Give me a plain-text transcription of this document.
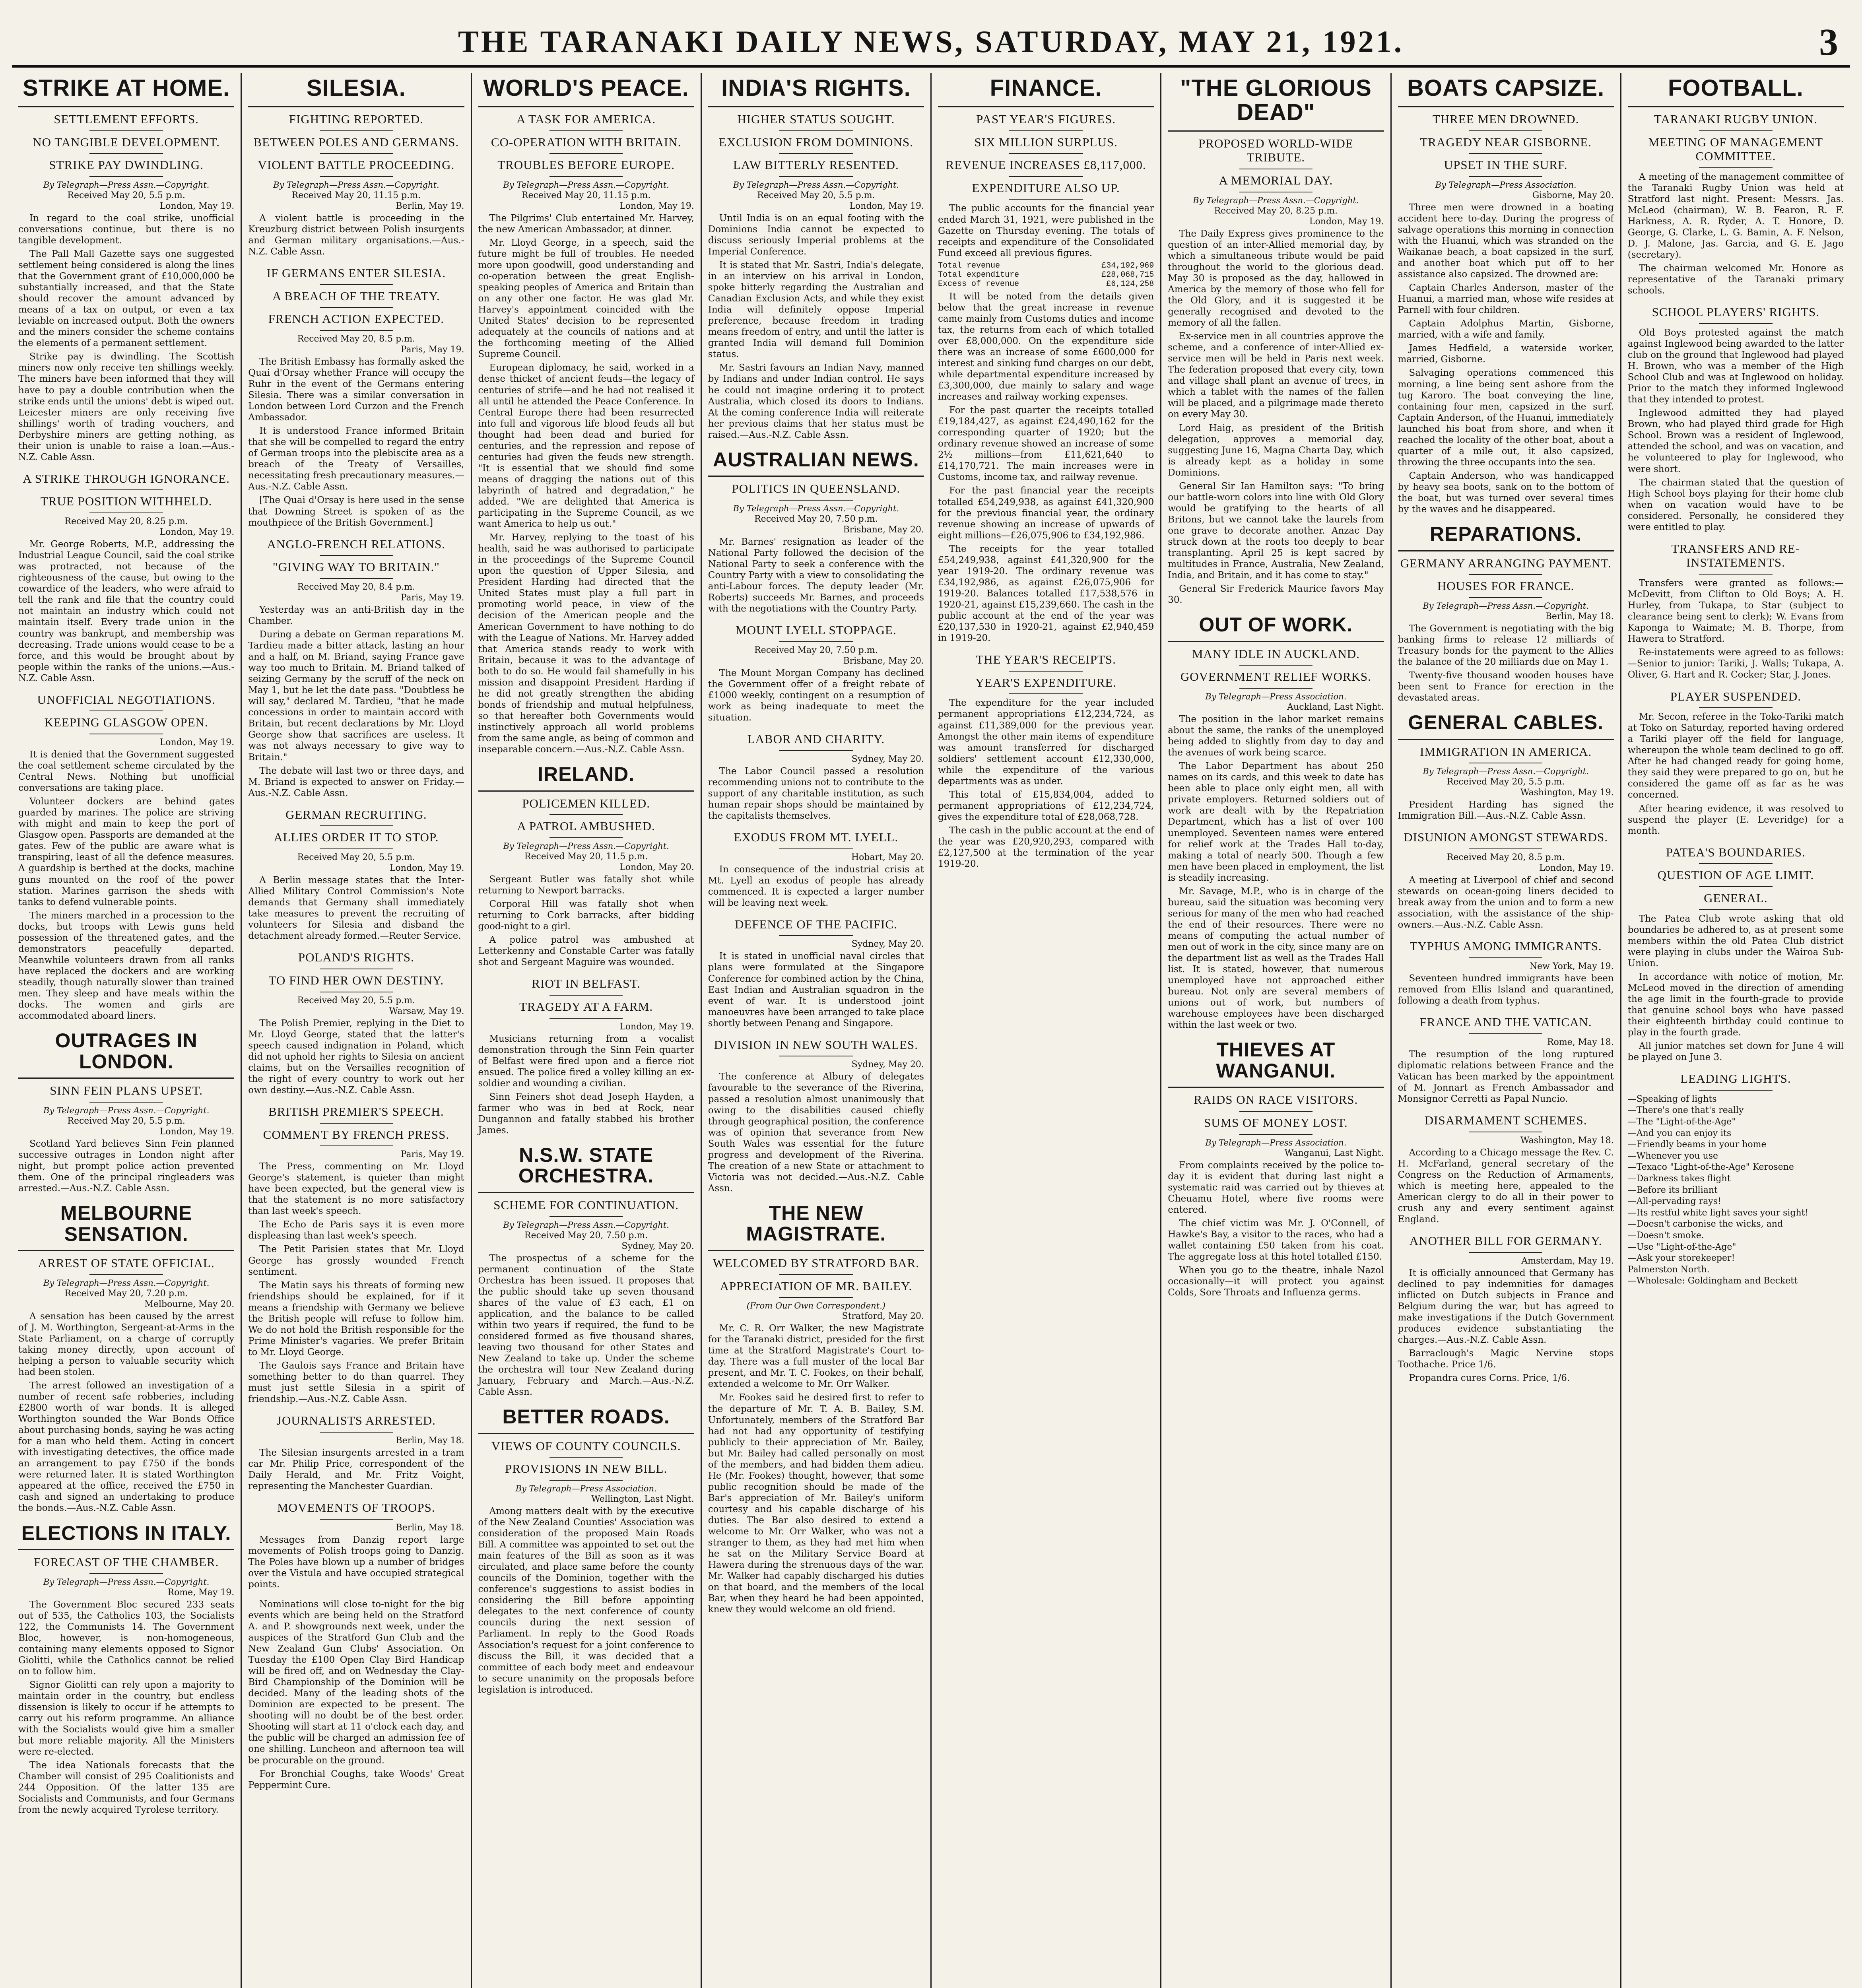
THE TARANAKI DAILY NEWS, SATURDAY, MAY 21, 1921.	3
STRIKE AT HOME.
SETTLEMENT EFFORTS.
NO TANGIBLE DEVELOPMENT.
STRIKE PAY DWINDLING.
By Telegraph—Press Assn.—Copyright.
Received May 20, 5.5 p.m.
London, May 19.

In regard to the coal strike, unofficial conversations continue, but there is no tangible development.

The Pall Mall Gazette says one suggested settlement being considered is along the lines that the Government grant of £10,000,000 be substantially increased, and that the State should recover the amount advanced by means of a tax on output, or even a tax leviable on increased output. Both the owners and the miners consider the scheme contains the elements of a permanent settlement.

Strike pay is dwindling. The Scottish miners now only receive ten shillings weekly. The miners have been informed that they will have to pay a double contribution when the strike ends until the unions' debt is wiped out. Leicester miners are only receiving five shillings' worth of trading vouchers, and Derbyshire miners are getting nothing, as their union is unable to raise a loan.—Aus.-N.Z. Cable Assn.

A STRIKE THROUGH IGNORANCE.
TRUE POSITION WITHHELD.
Received May 20, 8.25 p.m.
London, May 19.

Mr. George Roberts, M.P., addressing the Industrial League Council, said the coal strike was protracted, not because of the righteousness of the cause, but owing to the cowardice of the leaders, who were afraid to tell the rank and file that the country could not maintain an industry which could not maintain itself. Every trade union in the country was bankrupt, and membership was decreasing. Trade unions would cease to be a force, and this would be brought about by people within the ranks of the unions.—Aus.-N.Z. Cable Assn.

UNOFFICIAL NEGOTIATIONS.
KEEPING GLASGOW OPEN.
London, May 19.

It is denied that the Government suggested the coal settlement scheme circulated by the Central News. Nothing but unofficial conversations are taking place.

Volunteer dockers are behind gates guarded by marines. The police are striving with might and main to keep the port of Glasgow open. Passports are demanded at the gates. Few of the public are aware what is transpiring, least of all the defence measures. A guardship is berthed at the docks, machine guns mounted on the roof of the power station. Marines garrison the sheds with tanks to defend vulnerable points.

The miners marched in a procession to the docks, but troops with Lewis guns held possession of the threatened gates, and the demonstrators peacefully departed. Meanwhile volunteers drawn from all ranks have replaced the dockers and are working steadily, though naturally slower than trained men. They sleep and have meals within the docks. The women and girls are accommodated aboard liners.

OUTRAGES IN LONDON.
SINN FEIN PLANS UPSET.
By Telegraph—Press Assn.—Copyright.
Received May 20, 5.5 p.m.
London, May 19.

Scotland Yard believes Sinn Fein planned successive outrages in London night after night, but prompt police action prevented them. One of the principal ringleaders was arrested.—Aus.-N.Z. Cable Assn.

MELBOURNE SENSATION.
ARREST OF STATE OFFICIAL.
By Telegraph—Press Assn.—Copyright.
Received May 20, 7.20 p.m.
Melbourne, May 20.

A sensation has been caused by the arrest of J. M. Worthington, Sergeant-at-Arms in the State Parliament, on a charge of corruptly taking money directly, upon account of helping a person to valuable security which had been stolen.

The arrest followed an investigation of a number of recent safe robberies, including £2800 worth of war bonds. It is alleged Worthington sounded the War Bonds Office about purchasing bonds, saying he was acting for a man who held them. Acting in concert with investigating detectives, the office made an arrangement to pay £750 if the bonds were returned later. It is stated Worthington appeared at the office, received the £750 in cash and signed an undertaking to produce the bonds.—Aus.-N.Z. Cable Assn.

ELECTIONS IN ITALY.
FORECAST OF THE CHAMBER.
By Telegraph—Press Assn.—Copyright.
Rome, May 19.

The Government Bloc secured 233 seats out of 535, the Catholics 103, the Socialists 122, the Communists 14. The Government Bloc, however, is non-homogeneous, containing many elements opposed to Signor Giolitti, while the Catholics cannot be relied on to follow him.

Signor Giolitti can rely upon a majority to maintain order in the country, but endless dissension is likely to occur if he attempts to carry out his reform programme. An alliance with the Socialists would give him a smaller but more reliable majority. All the Ministers were re-elected.

The idea Nationals forecasts that the Chamber will consist of 295 Coalitionists and 244 Opposition. Of the latter 135 are Socialists and Communists, and four Germans from the newly acquired Tyrolese territory.

SILESIA.
FIGHTING REPORTED.
BETWEEN POLES AND GERMANS.
VIOLENT BATTLE PROCEEDING.
By Telegraph—Press Assn.—Copyright.
Received May 20, 11.15 p.m.
Berlin, May 19.

A violent battle is proceeding in the Kreuzburg district between Polish insurgents and German military organisations.—Aus.-N.Z. Cable Assn.

IF GERMANS ENTER SILESIA.
A BREACH OF THE TREATY.
FRENCH ACTION EXPECTED.
Received May 20, 8.5 p.m.
Paris, May 19.

The British Embassy has formally asked the Quai d'Orsay whether France will occupy the Ruhr in the event of the Germans entering Silesia. There was a similar conversation in London between Lord Curzon and the French Ambassador.

It is understood France informed Britain that she will be compelled to regard the entry of German troops into the plebiscite area as a breach of the Treaty of Versailles, necessitating fresh precautionary measures.—Aus.-N.Z. Cable Assn.

[The Quai d'Orsay is here used in the sense that Downing Street is spoken of as the mouthpiece of the British Government.]

ANGLO-FRENCH RELATIONS.
"GIVING WAY TO BRITAIN."
Received May 20, 8.4 p.m.
Paris, May 19.

Yesterday was an anti-British day in the Chamber.

During a debate on German reparations M. Tardieu made a bitter attack, lasting an hour and a half, on M. Briand, saying France gave way too much to Britain. M. Briand talked of seizing Germany by the scruff of the neck on May 1, but he let the date pass. "Doubtless he will say," declared M. Tardieu, "that he made concessions in order to maintain accord with Britain, but recent declarations by Mr. Lloyd George show that sacrifices are useless. It was not always necessary to give way to Britain."

The debate will last two or three days, and M. Briand is expected to answer on Friday.—Aus.-N.Z. Cable Assn.

GERMAN RECRUITING.
ALLIES ORDER IT TO STOP.
Received May 20, 5.5 p.m.
London, May 19.

A Berlin message states that the Inter-Allied Military Control Commission's Note demands that Germany shall immediately take measures to prevent the recruiting of volunteers for Silesia and disband the detachment already formed.—Reuter Service.

POLAND'S RIGHTS.
TO FIND HER OWN DESTINY.
Received May 20, 5.5 p.m.
Warsaw, May 19.

The Polish Premier, replying in the Diet to Mr. Lloyd George, stated that the latter's speech caused indignation in Poland, which did not uphold her rights to Silesia on ancient claims, but on the Versailles recognition of the right of every country to work out her own destiny.—Aus.-N.Z. Cable Assn.

BRITISH PREMIER'S SPEECH.
COMMENT BY FRENCH PRESS.
Paris, May 19.

The Press, commenting on Mr. Lloyd George's statement, is quieter than might have been expected, but the general view is that the statement is no more satisfactory than last week's speech.

The Echo de Paris says it is even more displeasing than last week's speech.

The Petit Parisien states that Mr. Lloyd George has grossly wounded French sentiment.

The Matin says his threats of forming new friendships should be explained, for if it means a friendship with Germany we believe the British people will refuse to follow him. We do not hold the British responsible for the Prime Minister's vagaries. We prefer Britain to Mr. Lloyd George.

The Gaulois says France and Britain have something better to do than quarrel. They must just settle Silesia in a spirit of friendship.—Aus.-N.Z. Cable Assn.

JOURNALISTS ARRESTED.
Berlin, May 18.

The Silesian insurgents arrested in a tram car Mr. Philip Price, correspondent of the Daily Herald, and Mr. Fritz Voight, representing the Manchester Guardian.

MOVEMENTS OF TROOPS.
Berlin, May 18.

Messages from Danzig report large movements of Polish troops going to Danzig. The Poles have blown up a number of bridges over the Vistula and have occupied strategical points.

Nominations will close to-night for the big events which are being held on the Stratford A. and P. showgrounds next week, under the auspices of the Stratford Gun Club and the New Zealand Gun Clubs' Association. On Tuesday the £100 Open Clay Bird Handicap will be fired off, and on Wednesday the Clay-Bird Championship of the Dominion will be decided. Many of the leading shots of the Dominion are expected to be present. The shooting will no doubt be of the best order. Shooting will start at 11 o'clock each day, and the public will be charged an admission fee of one shilling. Luncheon and afternoon tea will be procurable on the ground.

For Bronchial Coughs, take Woods' Great Peppermint Cure.

WORLD'S PEACE.
A TASK FOR AMERICA.
CO-OPERATION WITH BRITAIN.
TROUBLES BEFORE EUROPE.
By Telegraph—Press Assn.—Copyright.
Received May 20, 11.15 p.m.
London, May 19.

The Pilgrims' Club entertained Mr. Harvey, the new American Ambassador, at dinner.

Mr. Lloyd George, in a speech, said the future might be full of troubles. He needed more upon goodwill, good understanding and co-operation between the great English-speaking peoples of America and Britain than on any other one factor. He was glad Mr. Harvey's appointment coincided with the United States' decision to be represented adequately at the councils of nations and at the forthcoming meeting of the Allied Supreme Council.

European diplomacy, he said, worked in a dense thicket of ancient feuds—the legacy of centuries of strife—and he had not realised it all until he attended the Peace Conference. In Central Europe there had been resurrected into full and vigorous life blood feuds all but thought had been dead and buried for centuries, and the repression and repose of centuries had given the feuds new strength. "It is essential that we should find some means of dragging the nations out of this labyrinth of hatred and degradation," he added. "We are delighted that America is participating in the Supreme Council, as we want America to help us out."

Mr. Harvey, replying to the toast of his health, said he was authorised to participate in the proceedings of the Supreme Council upon the question of Upper Silesia, and President Harding had directed that the United States must play a full part in promoting world peace, in view of the decision of the American people and the American Government to have nothing to do with the League of Nations. Mr. Harvey added that America stands ready to work with Britain, because it was to the advantage of both to do so. He would fail shamefully in his mission and disappoint President Harding if he did not greatly strengthen the abiding bonds of friendship and mutual helpfulness, so that hereafter both Governments would instinctively approach all world problems from the same angle, as being of common and inseparable concern.—Aus.-N.Z. Cable Assn.

IRELAND.
POLICEMEN KILLED.
A PATROL AMBUSHED.
By Telegraph—Press Assn.—Copyright.
Received May 20, 11.5 p.m.
London, May 20.

Sergeant Butler was fatally shot while returning to Newport barracks.

Corporal Hill was fatally shot when returning to Cork barracks, after bidding good-night to a girl.

A police patrol was ambushed at Letterkenny and Constable Carter was fatally shot and Sergeant Maguire was wounded.

RIOT IN BELFAST.
TRAGEDY AT A FARM.
London, May 19.

Musicians returning from a vocalist demonstration through the Sinn Fein quarter of Belfast were fired upon and a fierce riot ensued. The police fired a volley killing an ex-soldier and wounding a civilian.

Sinn Feiners shot dead Joseph Hayden, a farmer who was in bed at Rock, near Dungannon and fatally stabbed his brother James.

N.S.W. STATE ORCHESTRA.
SCHEME FOR CONTINUATION.
By Telegraph—Press Assn.—Copyright.
Received May 20, 7.50 p.m.
Sydney, May 20.

The prospectus of a scheme for the permanent continuation of the State Orchestra has been issued. It proposes that the public should take up seven thousand shares of the value of £3 each, £1 on application, and the balance to be called within two years if required, the fund to be considered formed as five thousand shares, leaving two thousand for other States and New Zealand to take up. Under the scheme the orchestra will tour New Zealand during January, February and March.—Aus.-N.Z. Cable Assn.

BETTER ROADS.
VIEWS OF COUNTY COUNCILS.
PROVISIONS IN NEW BILL.
By Telegraph—Press Association.
Wellington, Last Night.

Among matters dealt with by the executive of the New Zealand Counties' Association was consideration of the proposed Main Roads Bill. A committee was appointed to set out the main features of the Bill as soon as it was circulated, and place same before the county councils of the Dominion, together with the conference's suggestions to assist bodies in considering the Bill before appointing delegates to the next conference of county councils during the next session of Parliament. In reply to the Good Roads Association's request for a joint conference to discuss the Bill, it was decided that a committee of each body meet and endeavour to secure unanimity on the proposals before legislation is introduced.

INDIA'S RIGHTS.
HIGHER STATUS SOUGHT.
EXCLUSION FROM DOMINIONS.
LAW BITTERLY RESENTED.
By Telegraph—Press Assn.—Copyright.
Received May 20, 5.5 p.m.
London, May 19.

Until India is on an equal footing with the Dominions India cannot be expected to discuss seriously Imperial problems at the Imperial Conference.

It is stated that Mr. Sastri, India's delegate, in an interview on his arrival in London, spoke bitterly regarding the Australian and Canadian Exclusion Acts, and while they exist India will definitely oppose Imperial preference, because freedom in trading means freedom of entry, and until the latter is granted India will demand full Dominion status.

Mr. Sastri favours an Indian Navy, manned by Indians and under Indian control. He says he could not imagine ordering it to protect Australia, which closed its doors to Indians. At the coming conference India will reiterate her previous claims that her status must be raised.—Aus.-N.Z. Cable Assn.

AUSTRALIAN NEWS.
POLITICS IN QUEENSLAND.
By Telegraph—Press Assn.—Copyright.
Received May 20, 7.50 p.m.
Brisbane, May 20.

Mr. Barnes' resignation as leader of the National Party followed the decision of the National Party to seek a conference with the Country Party with a view to consolidating the anti-Labour forces. The deputy leader (Mr. Roberts) succeeds Mr. Barnes, and proceeds with the negotiations with the Country Party.

MOUNT LYELL STOPPAGE.
Received May 20, 7.50 p.m.
Brisbane, May 20.

The Mount Morgan Company has declined the Government offer of a freight rebate of £1000 weekly, contingent on a resumption of work as being inadequate to meet the situation.

LABOR AND CHARITY.
Sydney, May 20.

The Labor Council passed a resolution recommending unions not to contribute to the support of any charitable institution, as such human repair shops should be maintained by the capitalists themselves.

EXODUS FROM MT. LYELL.
Hobart, May 20.

In consequence of the industrial crisis at Mt. Lyell an exodus of people has already commenced. It is expected a larger number will be leaving next week.

DEFENCE OF THE PACIFIC.
Sydney, May 20.

It is stated in unofficial naval circles that plans were formulated at the Singapore Conference for combined action by the China, East Indian and Australian squadron in the event of war. It is understood joint manoeuvres have been arranged to take place shortly between Penang and Singapore.

DIVISION IN NEW SOUTH WALES.
Sydney, May 20.

The conference at Albury of delegates favourable to the severance of the Riverina, passed a resolution almost unanimously that owing to the disabilities caused chiefly through geographical position, the conference was of opinion that severance from New South Wales was essential for the future progress and development of the Riverina. The creation of a new State or attachment to Victoria was not decided.—Aus.-N.Z. Cable Assn.

THE NEW MAGISTRATE.
WELCOMED BY STRATFORD BAR.
APPRECIATION OF MR. BAILEY.
(From Our Own Correspondent.)
Stratford, May 20.

Mr. C. R. Orr Walker, the new Magistrate for the Taranaki district, presided for the first time at the Stratford Magistrate's Court to-day. There was a full muster of the local Bar present, and Mr. T. C. Fookes, on their behalf, extended a welcome to Mr. Orr Walker.

Mr. Fookes said he desired first to refer to the departure of Mr. T. A. B. Bailey, S.M. Unfortunately, members of the Stratford Bar had not had any opportunity of testifying publicly to their appreciation of Mr. Bailey, but Mr. Bailey had called personally on most of the members, and had bidden them adieu. He (Mr. Fookes) thought, however, that some public recognition should be made of the Bar's appreciation of Mr. Bailey's uniform courtesy and his capable discharge of his duties. The Bar also desired to extend a welcome to Mr. Orr Walker, who was not a stranger to them, as they had met him when he sat on the Military Service Board at Hawera during the strenuous days of the war. Mr. Walker had capably discharged his duties on that board, and the members of the local Bar, when they heard he had been appointed, knew they would welcome an old friend.

FINANCE.
PAST YEAR'S FIGURES.
SIX MILLION SURPLUS.
REVENUE INCREASES £8,117,000.
EXPENDITURE ALSO UP.

The public accounts for the financial year ended March 31, 1921, were published in the Gazette on Thursday evening. The totals of receipts and expenditure of the Consolidated Fund exceed all previous figures.

Total revenue	£34,192,969
Total expenditure	£28,068,715
Excess of revenue	£6,124,258

It will be noted from the details given below that the great increase in revenue came mainly from Customs duties and income tax, the returns from each of which totalled over £8,000,000. On the expenditure side there was an increase of some £600,000 for interest and sinking fund charges on our debt, while departmental expenditure increased by £3,300,000, due mainly to salary and wage increases and railway working expenses.

For the past quarter the receipts totalled £19,184,427, as against £24,490,162 for the corresponding quarter of 1920; but the ordinary revenue showed an increase of some 2½ millions—from £11,621,640 to £14,170,721. The main increases were in Customs, income tax, and railway revenue.

For the past financial year the receipts totalled £54,249,938, as against £41,320,900 for the previous financial year, the ordinary revenue showing an increase of upwards of eight millions—£26,075,906 to £34,192,986.

The receipts for the year totalled £54,249,938, against £41,320,900 for the year 1919-20. The ordinary revenue was £34,192,986, as against £26,075,906 for 1919-20. Balances totalled £17,538,576 in 1920-21, against £15,239,660. The cash in the public account at the end of the year was £20,137,530 in 1920-21, against £2,940,459 in 1919-20.

THE YEAR'S RECEIPTS.
YEAR'S EXPENDITURE.

The expenditure for the year included permanent appropriations £12,234,724, as against £11,389,000 for the previous year. Amongst the other main items of expenditure was amount transferred for discharged soldiers' settlement account £12,330,000, while the expenditure of the various departments was as under.

This total of £15,834,004, added to permanent appropriations of £12,234,724, gives the expenditure total of £28,068,728.

The cash in the public account at the end of the year was £20,920,293, compared with £2,127,500 at the termination of the year 1919-20.

"THE GLORIOUS DEAD"
PROPOSED WORLD-WIDE TRIBUTE.
A MEMORIAL DAY.
By Telegraph—Press Assn.—Copyright.
Received May 20, 8.25 p.m.
London, May 19.

The Daily Express gives prominence to the question of an inter-Allied memorial day, by which a simultaneous tribute would be paid throughout the world to the glorious dead. May 30 is proposed as the day, hallowed in America by the memory of those who fell for the Old Glory, and it is suggested it be generally recognised and devoted to the memory of all the fallen.

Ex-service men in all countries approve the scheme, and a conference of inter-Allied ex-service men will be held in Paris next week. The federation proposed that every city, town and village shall plant an avenue of trees, in which a tablet with the names of the fallen will be placed, and a pilgrimage made thereto on every May 30.

Lord Haig, as president of the British delegation, approves a memorial day, suggesting June 16, Magna Charta Day, which is already kept as a holiday in some Dominions.

General Sir Ian Hamilton says: "To bring our battle-worn colors into line with Old Glory would be gratifying to the hearts of all Britons, but we cannot take the laurels from one grave to decorate another. Anzac Day struck down at the roots too deeply to bear transplanting. April 25 is kept sacred by multitudes in France, Australia, New Zealand, India, and Britain, and it has come to stay."

General Sir Frederick Maurice favors May 30.

OUT OF WORK.
MANY IDLE IN AUCKLAND.
GOVERNMENT RELIEF WORKS.
By Telegraph—Press Association.
Auckland, Last Night.

The position in the labor market remains about the same, the ranks of the unemployed being added to slightly from day to day and the avenues of work being scarce.

The Labor Department has about 250 names on its cards, and this week to date has been able to place only eight men, all with private employers. Returned soldiers out of work are dealt with by the Repatriation Department, which has a list of over 100 unemployed. Seventeen names were entered for relief work at the Trades Hall to-day, making a total of nearly 500. Though a few men have been placed in employment, the list is steadily increasing.

Mr. Savage, M.P., who is in charge of the bureau, said the situation was becoming very serious for many of the men who had reached the end of their resources. There were no means of computing the actual number of men out of work in the city, since many are on the department list as well as the Trades Hall list. It is stated, however, that numerous unemployed have not approached either bureau. Not only are several members of unions out of work, but numbers of warehouse employees have been discharged within the last week or two.

THIEVES AT WANGANUI.
RAIDS ON RACE VISITORS.
SUMS OF MONEY LOST.
By Telegraph—Press Association.
Wanganui, Last Night.

From complaints received by the police to-day it is evident that during last night a systematic raid was carried out by thieves at Cheuamu Hotel, where five rooms were entered.

The chief victim was Mr. J. O'Connell, of Hawke's Bay, a visitor to the races, who had a wallet containing £50 taken from his coat. The aggregate loss at this hotel totalled £150.

When you go to the theatre, inhale Nazol occasionally—it will protect you against Colds, Sore Throats and Influenza germs.

BOATS CAPSIZE.
THREE MEN DROWNED.
TRAGEDY NEAR GISBORNE.
UPSET IN THE SURF.
By Telegraph—Press Association.
Gisborne, May 20.

Three men were drowned in a boating accident here to-day. During the progress of salvage operations this morning in connection with the Huanui, which was stranded on the Waikanae beach, a boat capsized in the surf, and another boat which put off to her assistance also capsized. The drowned are:

Captain Charles Anderson, master of the Huanui, a married man, whose wife resides at Parnell with four children.

Captain Adolphus Martin, Gisborne, married, with a wife and family.

James Hedfield, a waterside worker, married, Gisborne.

Salvaging operations commenced this morning, a line being sent ashore from the tug Karoro. The boat conveying the line, containing four men, capsized in the surf. Captain Anderson, of the Huanui, immediately launched his boat from shore, and when it reached the locality of the other boat, about a quarter of a mile out, it also capsized, throwing the three occupants into the sea.

Captain Anderson, who was handicapped by heavy sea boots, sank on to the bottom of the boat, but was turned over several times by the waves and he disappeared.

REPARATIONS.
GERMANY ARRANGING PAYMENT.
HOUSES FOR FRANCE.
By Telegraph—Press Assn.—Copyright.
Berlin, May 18.

The Government is negotiating with the big banking firms to release 12 milliards of Treasury bonds for the payment to the Allies the balance of the 20 milliards due on May 1.

Twenty-five thousand wooden houses have been sent to France for erection in the devastated areas.

GENERAL CABLES.
IMMIGRATION IN AMERICA.
By Telegraph—Press Assn.—Copyright.
Received May 20, 5.5 p.m.
Washington, May 19.

President Harding has signed the Immigration Bill.—Aus.-N.Z. Cable Assn.

DISUNION AMONGST STEWARDS.
Received May 20, 8.5 p.m.
London, May 19.

A meeting at Liverpool of chief and second stewards on ocean-going liners decided to break away from the union and to form a new association, with the assistance of the ship-owners.—Aus.-N.Z. Cable Assn.

TYPHUS AMONG IMMIGRANTS.
New York, May 19.

Seventeen hundred immigrants have been removed from Ellis Island and quarantined, following a death from typhus.

FRANCE AND THE VATICAN.
Rome, May 18.

The resumption of the long ruptured diplomatic relations between France and the Vatican has been marked by the appointment of M. Jonnart as French Ambassador and Monsignor Cerretti as Papal Nuncio.

DISARMAMENT SCHEMES.
Washington, May 18.

According to a Chicago message the Rev. C. H. McFarland, general secretary of the Congress on the Reduction of Armaments, which is meeting here, appealed to the American clergy to do all in their power to crush any and every sentiment against England.

ANOTHER BILL FOR GERMANY.
Amsterdam, May 19.

It is officially announced that Germany has declined to pay indemnities for damages inflicted on Dutch subjects in France and Belgium during the war, but has agreed to make investigations if the Dutch Government produces evidence substantiating the charges.—Aus.-N.Z. Cable Assn.

Barraclough's Magic Nervine stops Toothache. Price 1/6.

Propandra cures Corns. Price, 1/6.

FOOTBALL.
TARANAKI RUGBY UNION.
MEETING OF MANAGEMENT COMMITTEE.

A meeting of the management committee of the Taranaki Rugby Union was held at Stratford last night. Present: Messrs. Jas. McLeod (chairman), W. B. Fearon, R. F. Harkness, A. R. Ryder, A. T. Honore, D. George, G. Clarke, L. G. Bamin, A. F. Nelson, D. J. Malone, Jas. Garcia, and G. E. Jago (secretary).

The chairman welcomed Mr. Honore as representative of the Taranaki primary schools.

SCHOOL PLAYERS' RIGHTS.

Old Boys protested against the match against Inglewood being awarded to the latter club on the ground that Inglewood had played H. Brown, who was a member of the High School Club and was at Inglewood on holiday. Prior to the match they informed Inglewood that they intended to protest.

Inglewood admitted they had played Brown, who had played third grade for High School. Brown was a resident of Inglewood, attended the school, and was on vacation, and he volunteered to play for Inglewood, who were short.

The chairman stated that the question of High School boys playing for their home club when on vacation would have to be considered. Personally, he considered they were entitled to play.

TRANSFERS AND RE-INSTATEMENTS.

Transfers were granted as follows:—McDevitt, from Clifton to Old Boys; A. H. Hurley, from Tukapa, to Star (subject to clearance being sent to clerk); W. Evans from Kaponga to Waimate; M. B. Thorpe, from Hawera to Stratford.

Re-instatements were agreed to as follows:—Senior to junior: Tariki, J. Walls; Tukapa, A. Oliver, G. Hart and R. Cocker; Star, J. Jones.

PLAYER SUSPENDED.

Mr. Secon, referee in the Toko-Tariki match at Toko on Saturday, reported having ordered a Tariki player off the field for language, whereupon the whole team declined to go off. After he had changed ready for going home, they said they were prepared to go on, but he considered the game off as far as he was concerned.

After hearing evidence, it was resolved to suspend the player (E. Leveridge) for a month.

PATEA'S BOUNDARIES.
QUESTION OF AGE LIMIT.
GENERAL.

The Patea Club wrote asking that old boundaries be adhered to, as at present some members within the old Patea Club district were playing in clubs under the Wairoa Sub-Union.

In accordance with notice of motion, Mr. McLeod moved in the direction of amending the age limit in the fourth-grade to provide that genuine school boys who have passed their eighteenth birthday could continue to play in the fourth grade.

All junior matches set down for June 4 will be played on June 3.

LEADING LIGHTS.
—Speaking of lights
—There's one that's really
—The "Light-of-the-Age"
—And you can enjoy its
—Friendly beams in your home
—Whenever you use
—Texaco "Light-of-the-Age" Kerosene
—Darkness takes flight
—Before its brilliant
—All-pervading rays!
—Its restful white light saves your sight!
—Doesn't carbonise the wicks, and
—Doesn't smoke.
—Use "Light-of-the-Age"
—Ask your storekeeper!
Palmerston North.
—Wholesale: Goldingham and Beckett
